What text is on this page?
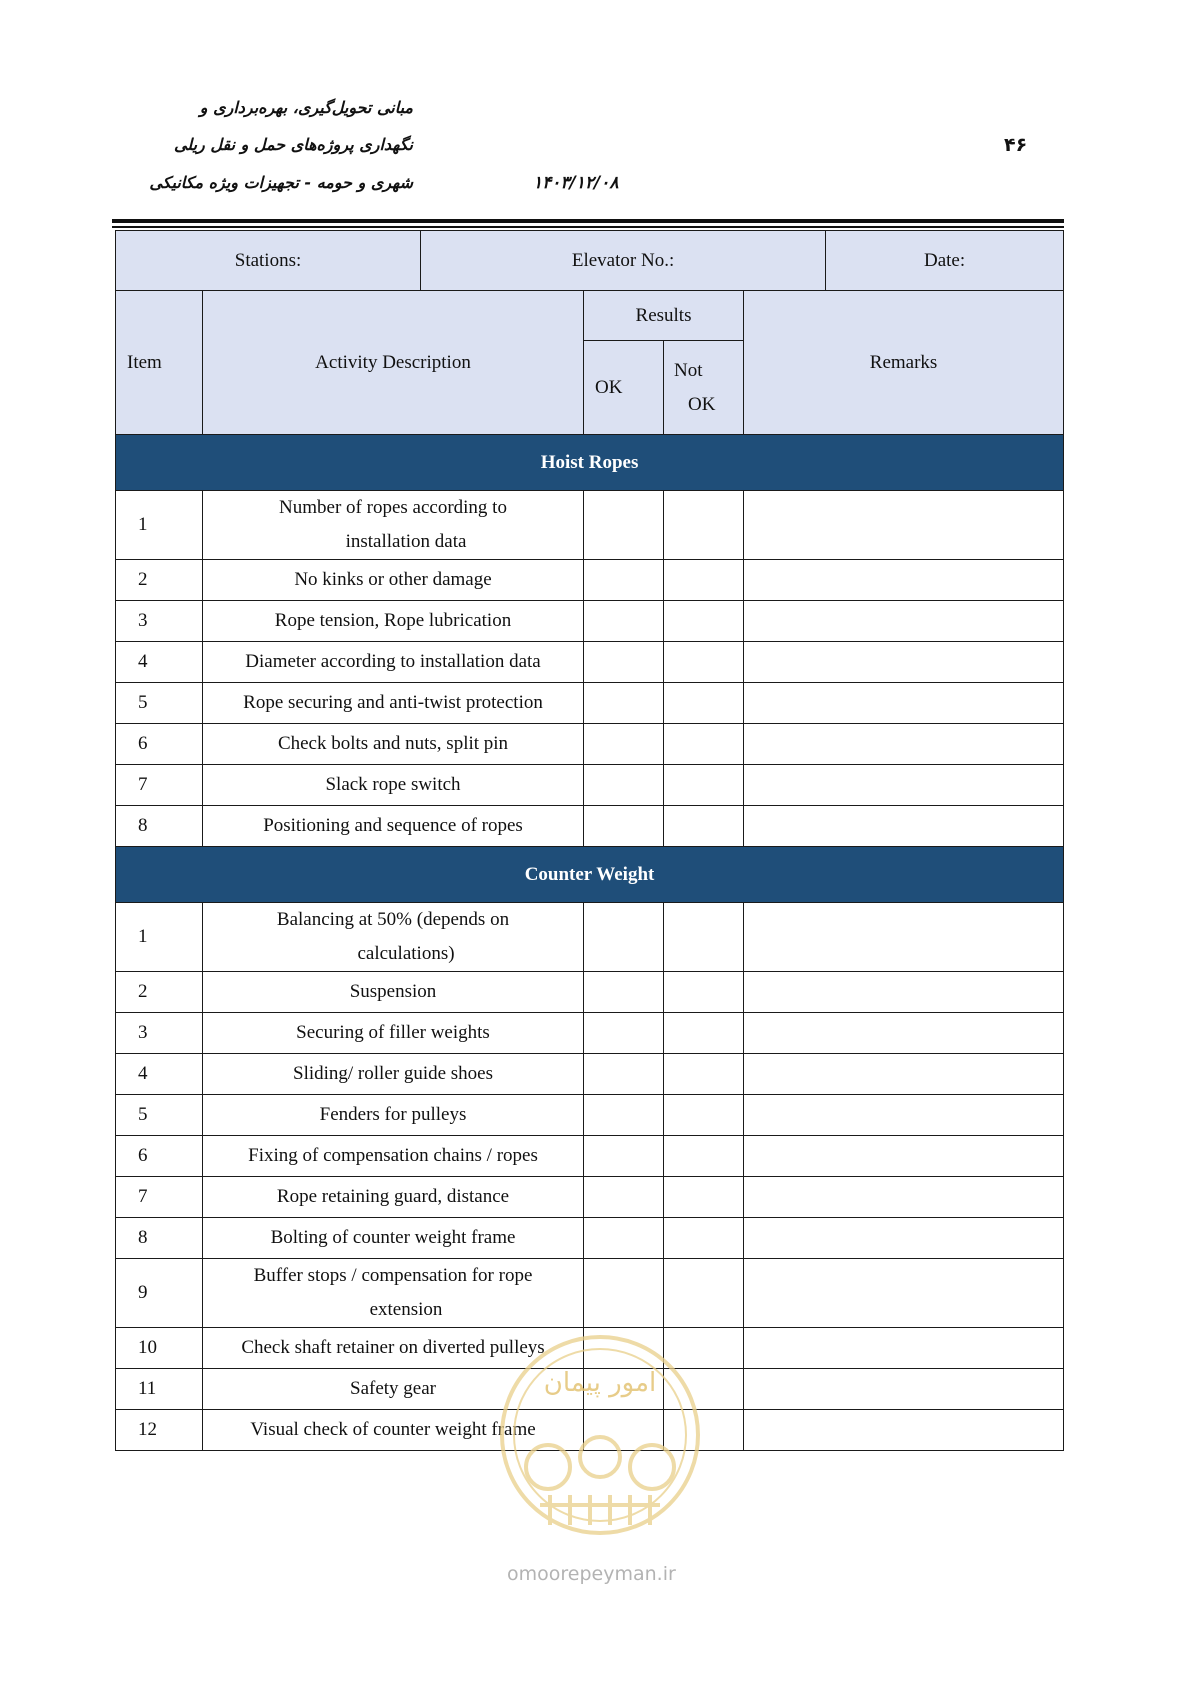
مبانی تحویل‌گیری، بهره‌برداری و
نگهداری پروژه‌های حمل و نقل ریلی
شهری و حومه - تجهیزات ویژه مکانیکی	۱۴۰۳/۱۲/۰۸
۴۶
Stations:		Elevator No.:				Date:
Item	Activity Description		Results		Remarks	
			OK	Not
OK		

Hoist Ropes						
1	Number of ropes according to
installation data					

2	No kinks or other damage					

3	Rope tension, Rope lubrication					

4	Diameter according to installation data					

5	Rope securing and anti-twist protection					

6	Check bolts and nuts, split pin					

7	Slack rope switch					

8	Positioning and sequence of ropes					

Counter Weight						
1	Balancing at 50% (depends on
calculations)					

2	Suspension					

3	Securing of filler weights					

4	Sliding/ roller guide shoes					

5	Fenders for pulleys					

6	Fixing of compensation chains / ropes					

7	Rope retaining guard, distance					

8	Bolting of counter weight frame					

9	Buffer stops / compensation for rope
extension					

10	Check shaft retainer on diverted pulleys					

11	Safety gear					

12	Visual check of counter weight frame					

امور پیمان
omoorepeyman.ir
